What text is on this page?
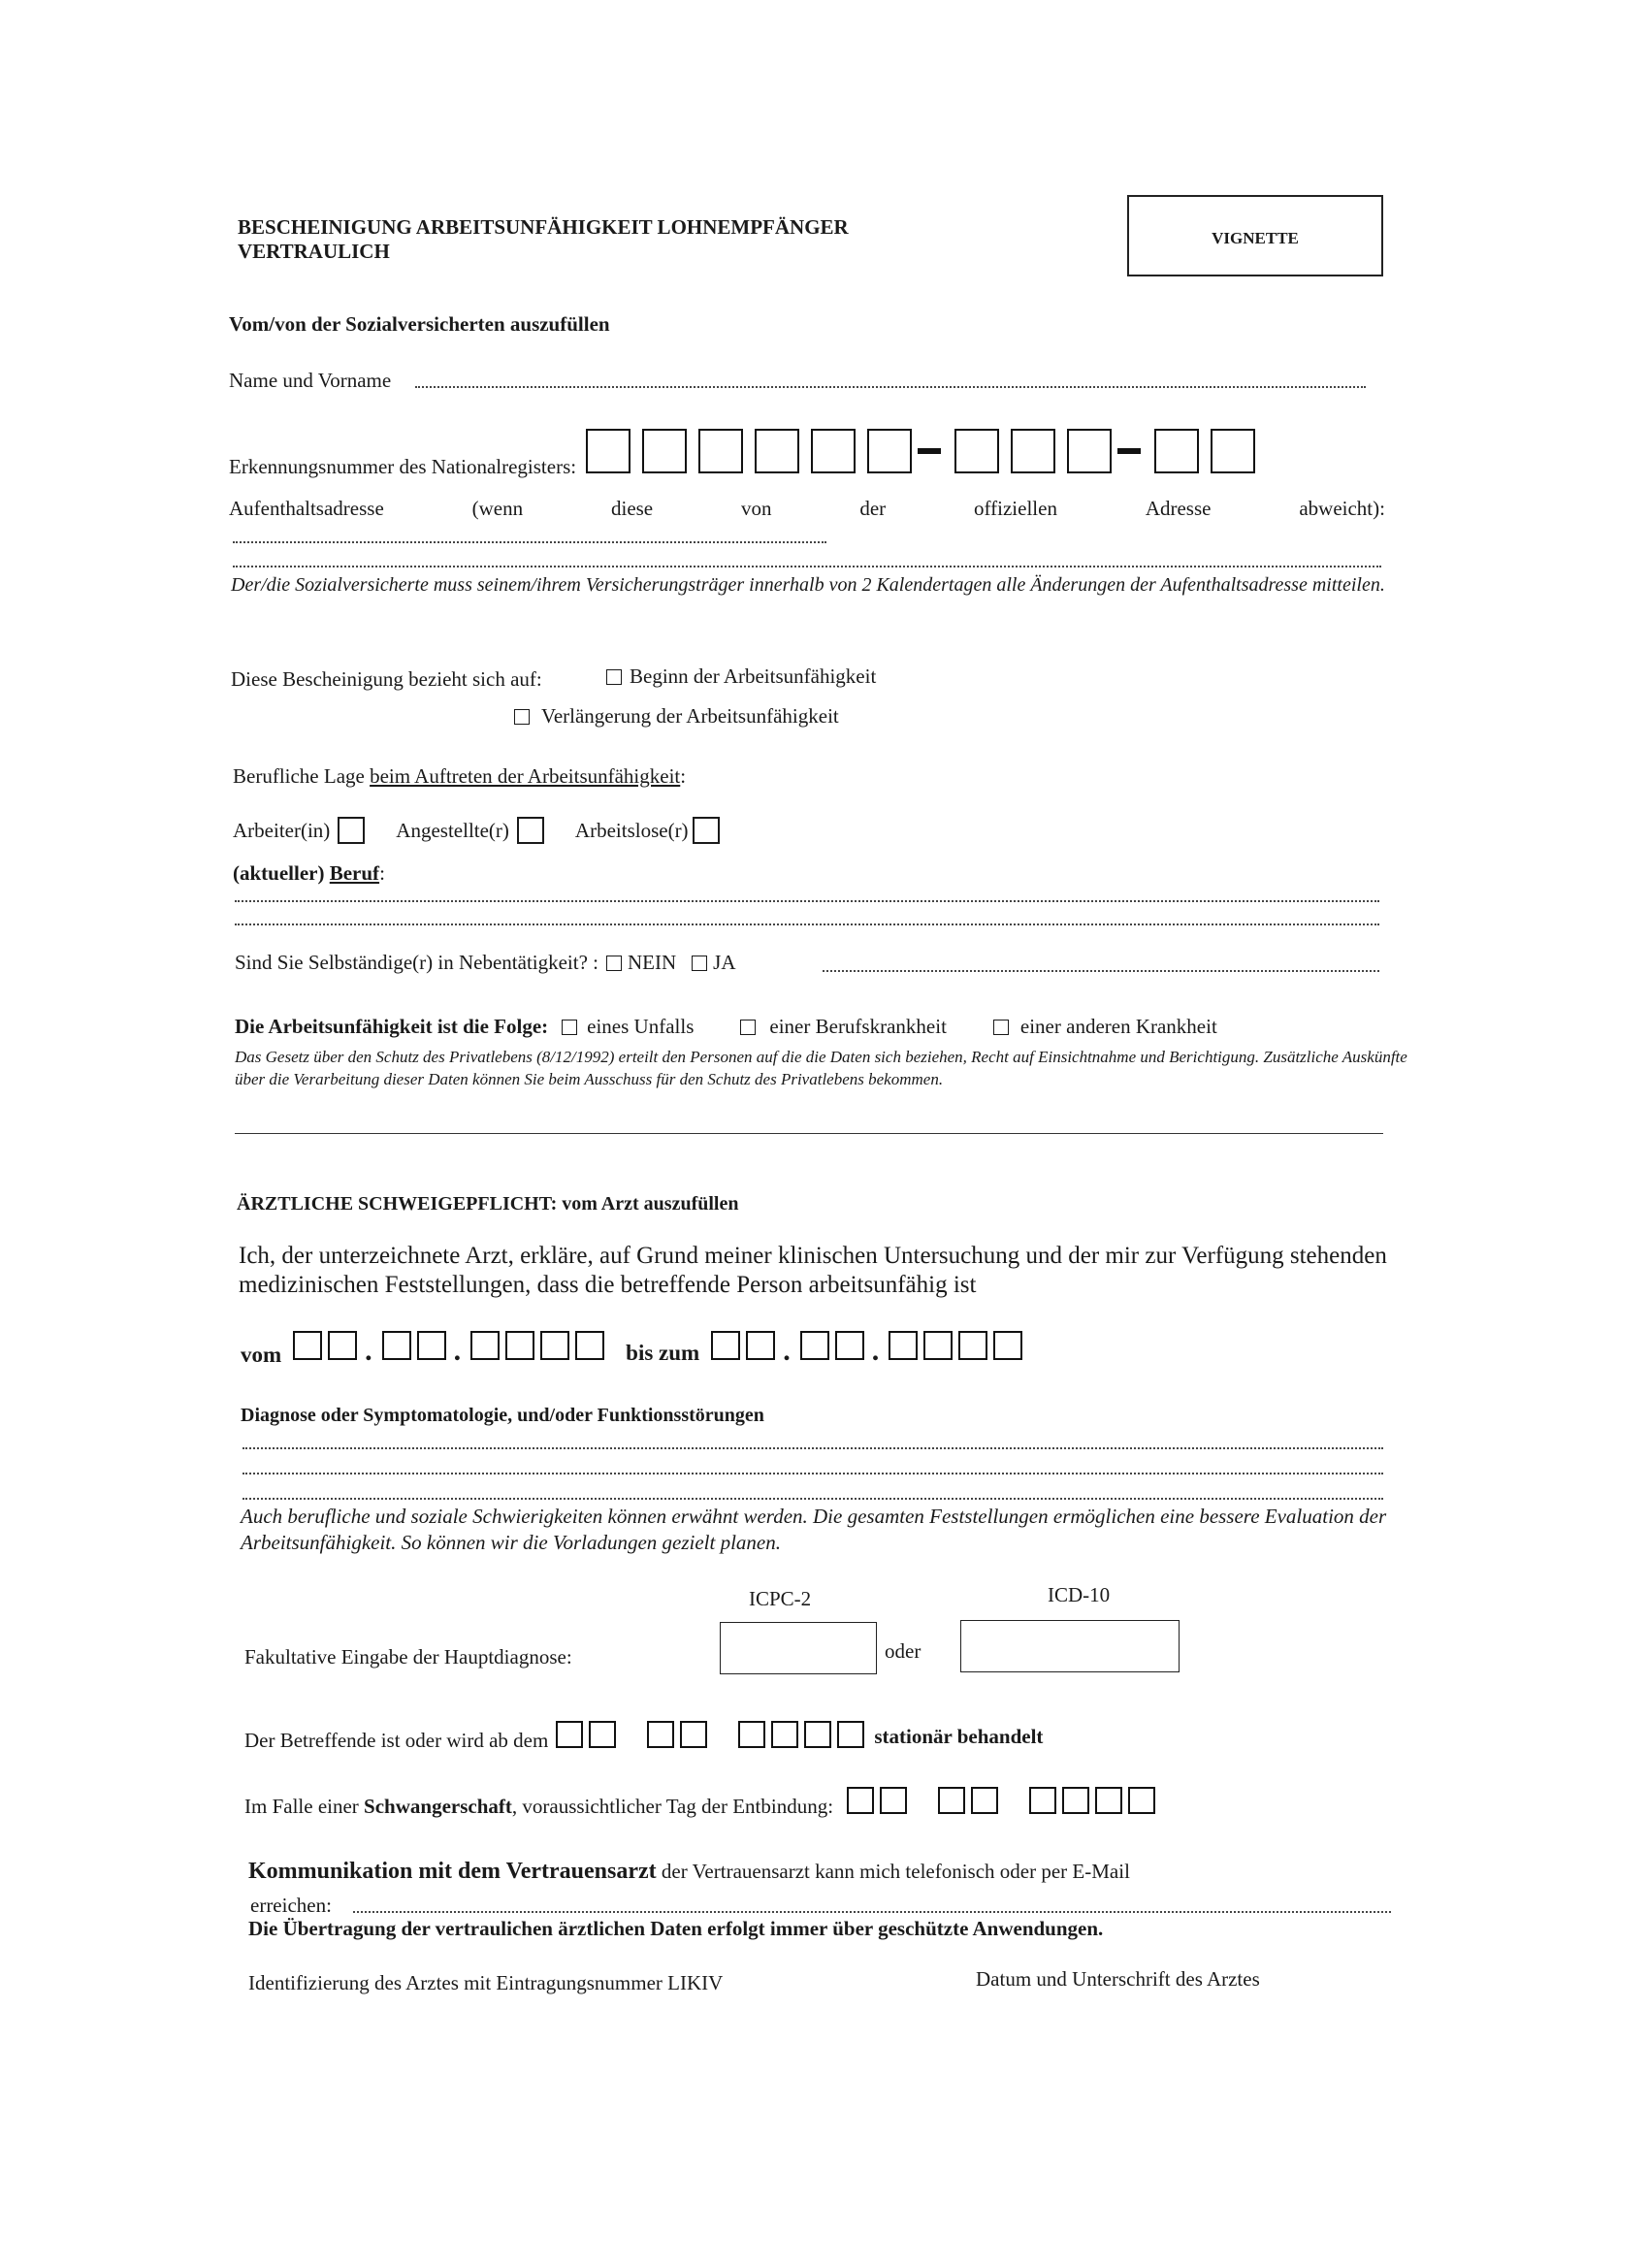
BESCHEINIGUNG ARBEITSUNFÄHIGKEIT LOHNEMPFÄNGER
VERTRAULICH
VIGNETTE
Vom/von der Sozialversicherten auszufüllen
Name und Vorname
Erkennungsnummer des Nationalregisters:
Aufenthaltsadresse	(wenn	diese	von	der	offiziellen	Adresse	abweicht):
Der/die Sozialversicherte muss seinem/ihrem Versicherungsträger innerhalb von 2 Kalendertagen alle Änderungen der Aufenthaltsadresse mitteilen.
Diese Bescheinigung bezieht sich auf:	Beginn der Arbeitsunfähigkeit
Verlängerung der Arbeitsunfähigkeit
Berufliche Lage beim Auftreten der Arbeitsunfähigkeit:
Arbeiter(in)	Angestellte(r)	Arbeitslose(r)
(aktueller) Beruf:
Sind Sie Selbständige(r) in Nebentätigkeit? : NEIN JA
Die Arbeitsunfähigkeit ist die Folge: eines Unfalls	einer Berufskrankheit	einer anderen Krankheit
Das Gesetz über den Schutz des Privatlebens (8/12/1992) erteilt den Personen auf die die Daten sich beziehen, Recht auf Einsichtnahme und Berichtigung. Zusätzliche Auskünfte über die Verarbeitung dieser Daten können Sie beim Ausschuss für den Schutz des Privatlebens bekommen.
ÄRZTLICHE SCHWEIGEPFLICHT: vom Arzt auszufüllen
Ich, der unterzeichnete Arzt, erkläre, auf Grund meiner klinischen Untersuchung und der mir zur Verfügung stehenden medizinischen Feststellungen, dass die betreffende Person arbeitsunfähig ist
vom	.	.	bis zum	.	.
Diagnose oder Symptomatologie, und/oder Funktionsstörungen
Auch berufliche und soziale Schwierigkeiten können erwähnt werden. Die gesamten Feststellungen ermöglichen eine bessere Evaluation der Arbeitsunfähigkeit. So können wir die Vorladungen gezielt planen.
ICPC-2	ICD-10
Fakultative Eingabe der Hauptdiagnose:	oder
Der Betreffende ist oder wird ab dem	stationär behandelt
Im Falle einer Schwangerschaft, voraussichtlicher Tag der Entbindung:
Kommunikation mit dem Vertrauensarzt der Vertrauensarzt kann mich telefonisch oder per E-Mail
erreichen:
Die Übertragung der vertraulichen ärztlichen Daten erfolgt immer über geschützte Anwendungen.
Identifizierung des Arztes mit Eintragungsnummer LIKIV	Datum und Unterschrift des Arztes
